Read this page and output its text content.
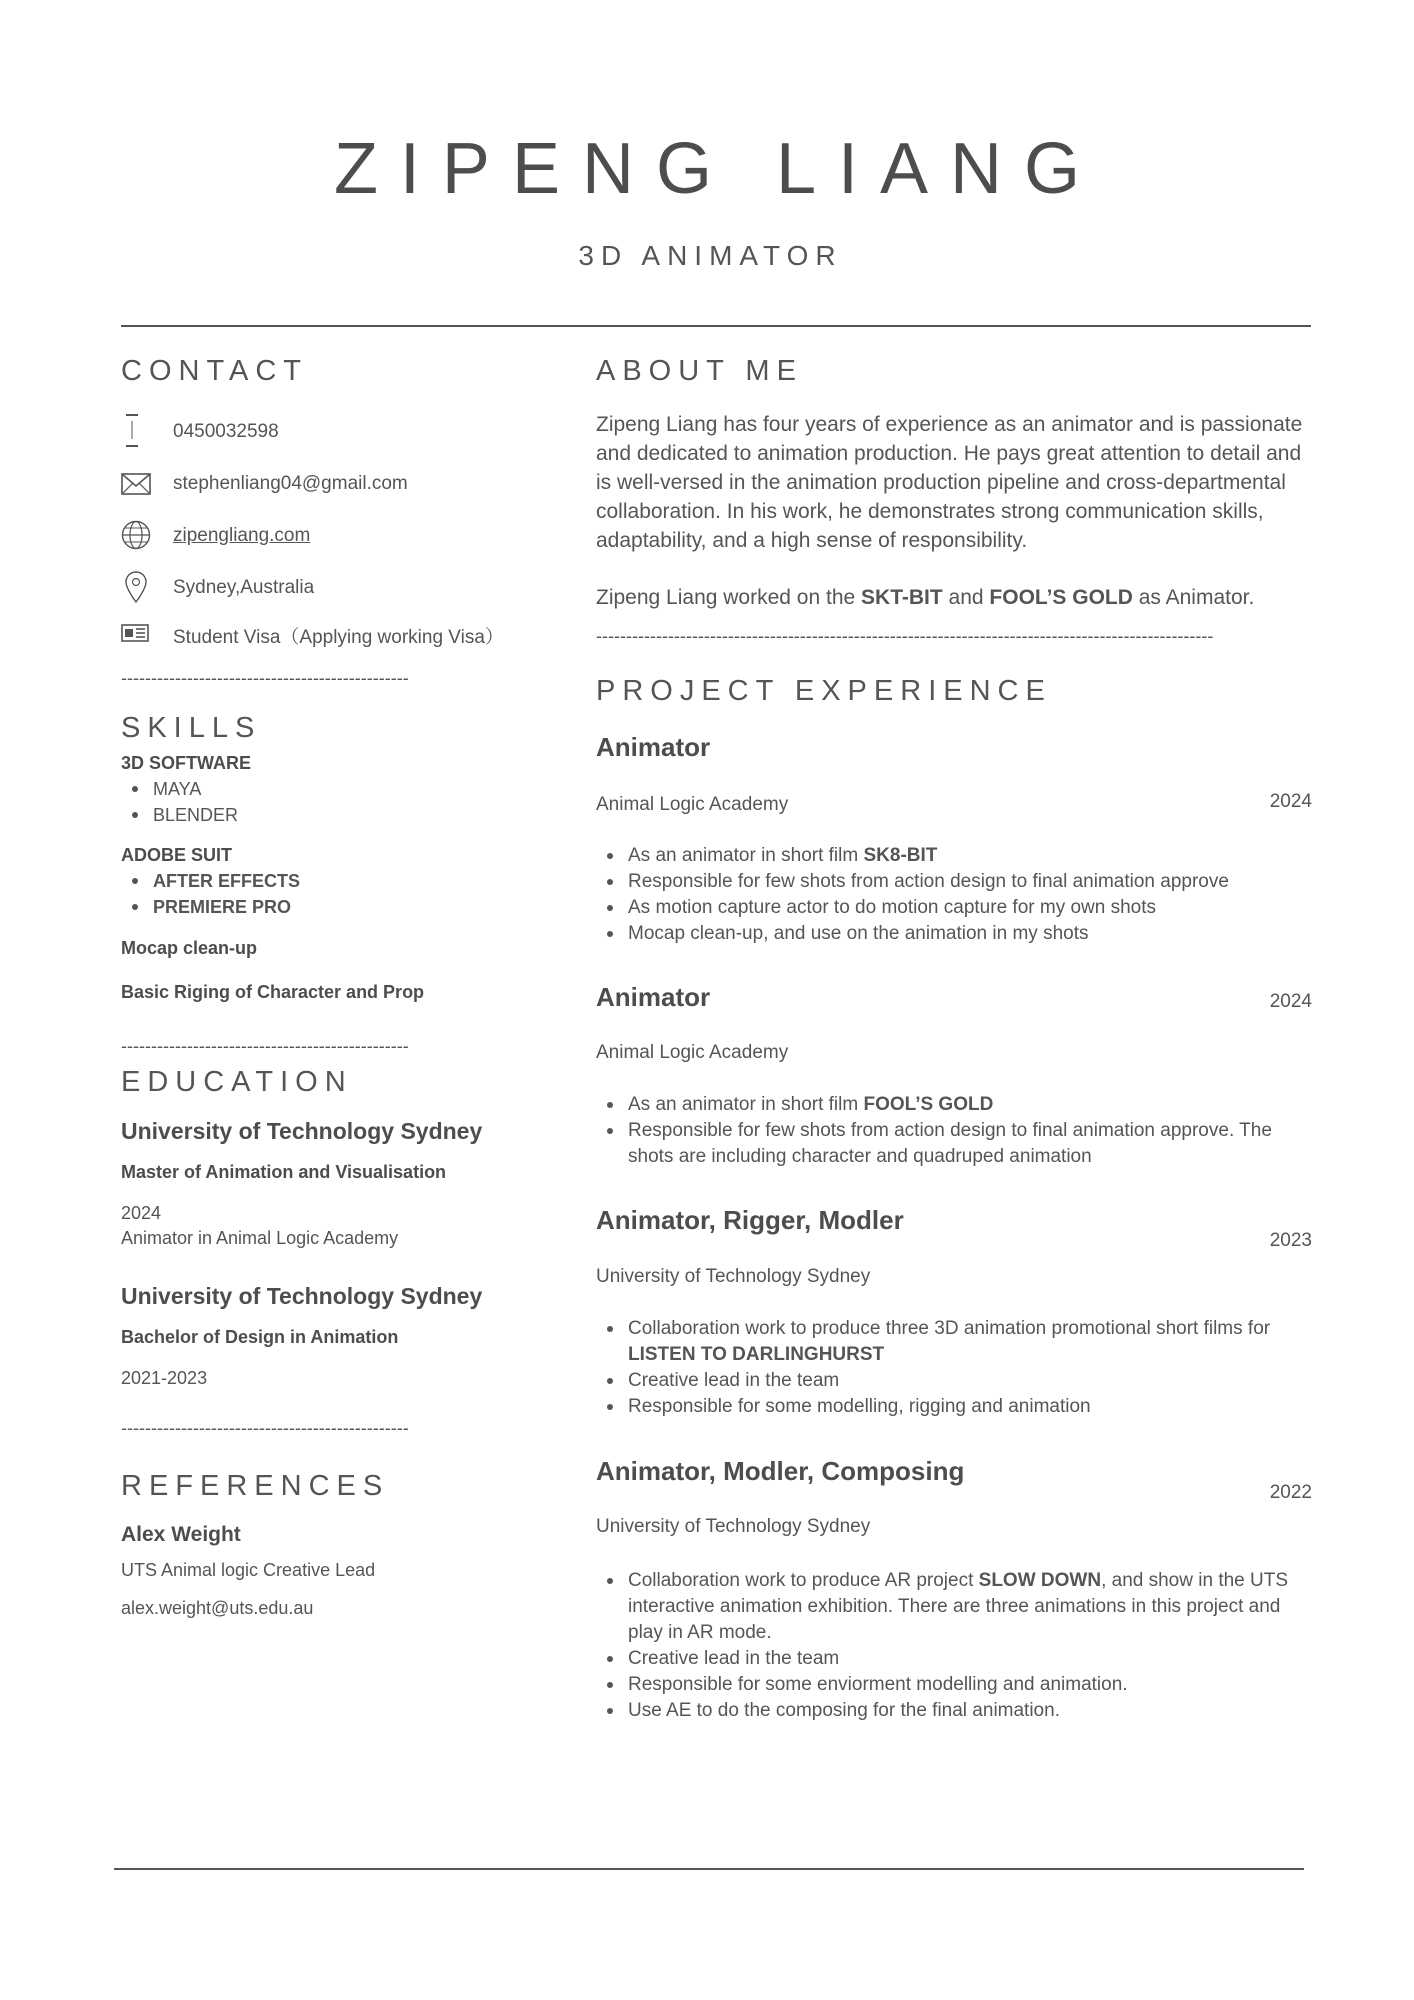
ZIPENG LIANG
3D ANIMATOR
CONTACT
0450032598
stephenliang04@gmail.com
zipengliang.com
Sydney,Australia
Student Visa（Applying working Visa）
------------------------------------------------
SKILLS
3D SOFTWARE
MAYA
BLENDER
ADOBE SUIT
AFTER EFFECTS
PREMIERE PRO
Mocap clean-up
Basic Riging of Character and Prop
------------------------------------------------
EDUCATION
University of Technology Sydney
Master of Animation and Visualisation
2024
Animator in Animal Logic Academy
University of Technology Sydney
Bachelor of Design in Animation
2021-2023
------------------------------------------------
REFERENCES
Alex Weight
UTS Animal logic Creative Lead
alex.weight@uts.edu.au
ABOUT ME
Zipeng Liang has four years of experience as an animator and is passionate and dedicated to animation production. He pays great attention to detail and is well-versed in the animation production pipeline and cross-departmental collaboration. In his work, he demonstrates strong communication skills, adaptability, and a high sense of responsibility.
Zipeng Liang worked on the SKT-BIT and FOOL’S GOLD as Animator.
-------------------------------------------------------------------------------------------------------
PROJECT EXPERIENCE
Animator
2024
Animal Logic Academy
As an animator in short film SK8-BIT
Responsible for few shots from action design to final animation approve
As motion capture actor to do motion capture for my own shots
Mocap clean-up, and use on the animation in my shots
Animator	2024
Animal Logic Academy
As an animator in short film FOOL’S GOLD
Responsible for few shots from action design to final animation approve. The shots are including character and quadruped animation
Animator, Rigger, Modler
2023
University of Technology Sydney
Collaboration work to produce three 3D animation promotional short films for LISTEN TO DARLINGHURST
Creative lead in the team
Responsible for some modelling, rigging and animation
Animator, Modler, Composing
2022
University of Technology Sydney
Collaboration work to produce AR project SLOW DOWN, and show in the UTS interactive animation exhibition. There are three animations in this project and play in AR mode.
Creative lead in the team
Responsible for some enviorment modelling and animation.
Use AE to do the composing for the final animation.
